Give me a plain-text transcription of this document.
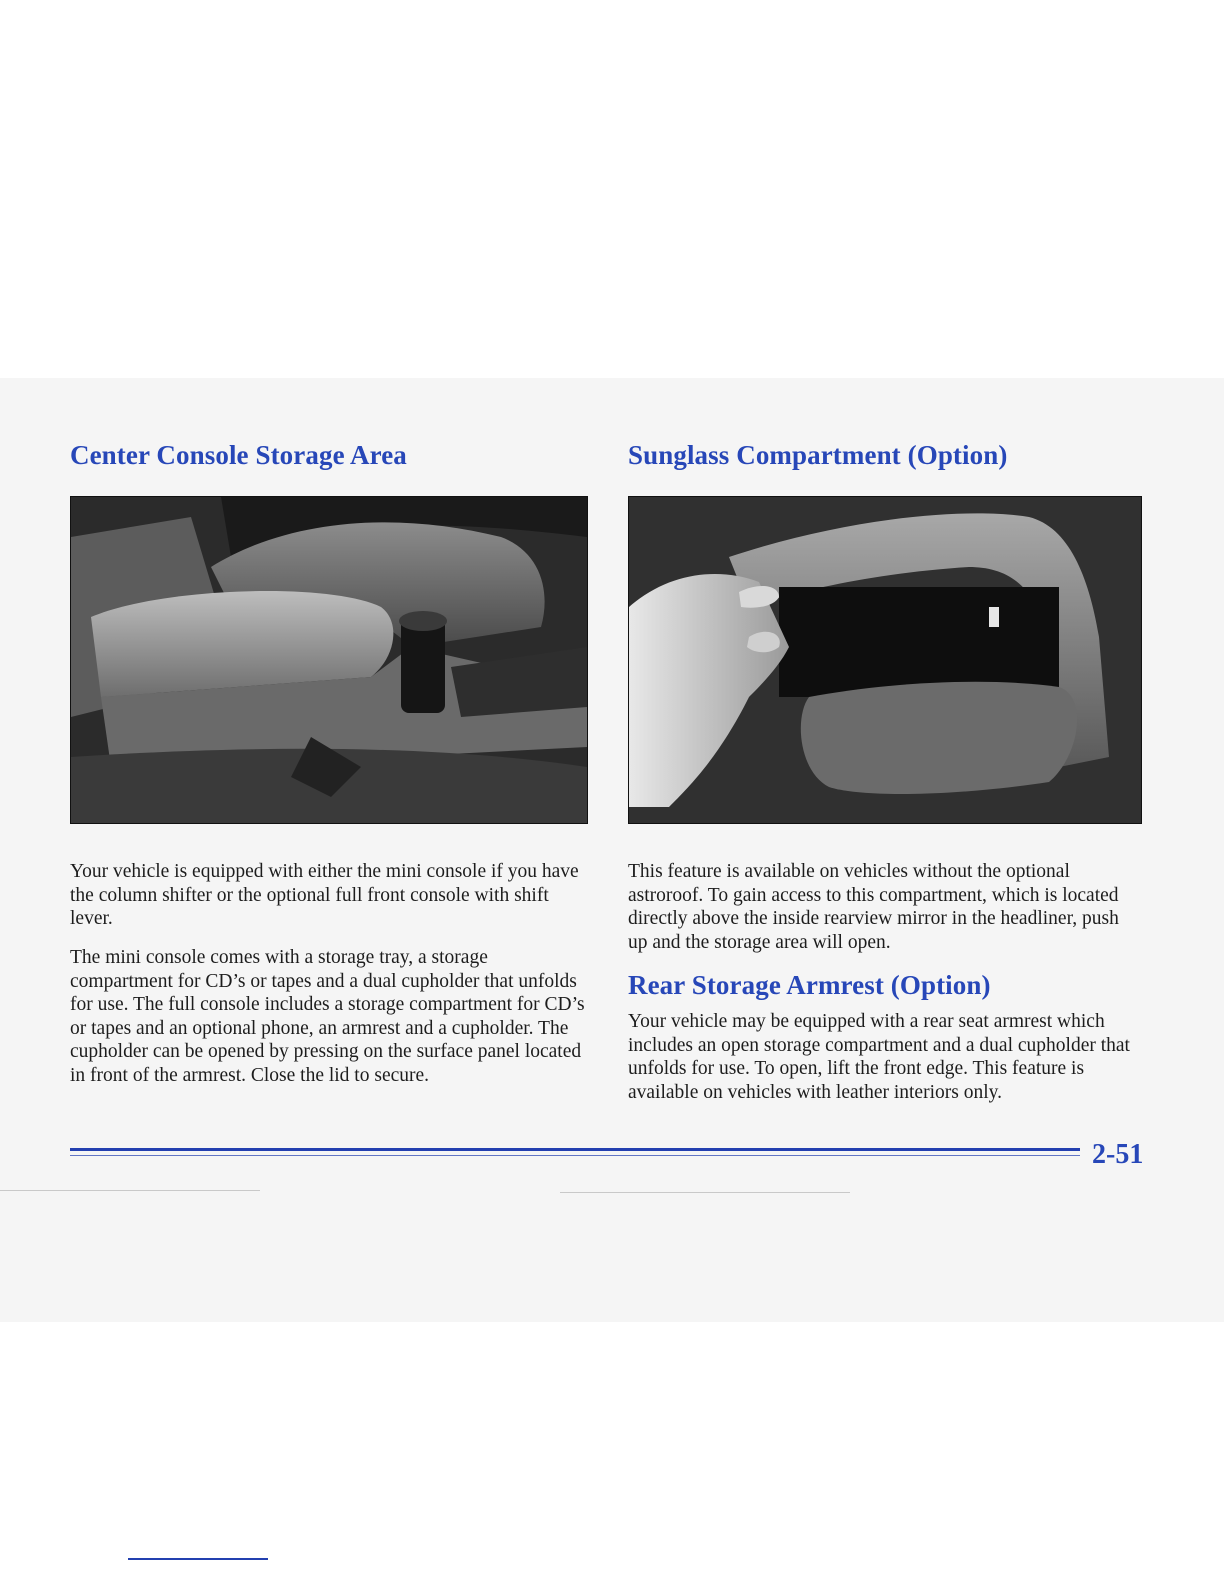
Center Console Storage Area

Your vehicle is equipped with either the mini console if you have the column shifter or the optional full front console with shift lever.

The mini console comes with a storage tray, a storage compartment for CD’s or tapes and a dual cupholder that unfolds for use. The full console includes a storage compartment for CD’s or tapes and an optional phone, an armrest and a cupholder. The cupholder can be opened by pressing on the surface panel located in front of the armrest. Close the lid to secure.

Sunglass Compartment (Option)

This feature is available on vehicles without the optional astroroof. To gain access to this compartment, which is located directly above the inside rearview mirror in the headliner, push up and the storage area will open.

Rear Storage Armrest (Option)

Your vehicle may be equipped with a rear seat armrest which includes an open storage compartment and a dual cupholder that unfolds for use. To open, lift the front edge. This feature is available on vehicles with leather interiors only.

2-51
